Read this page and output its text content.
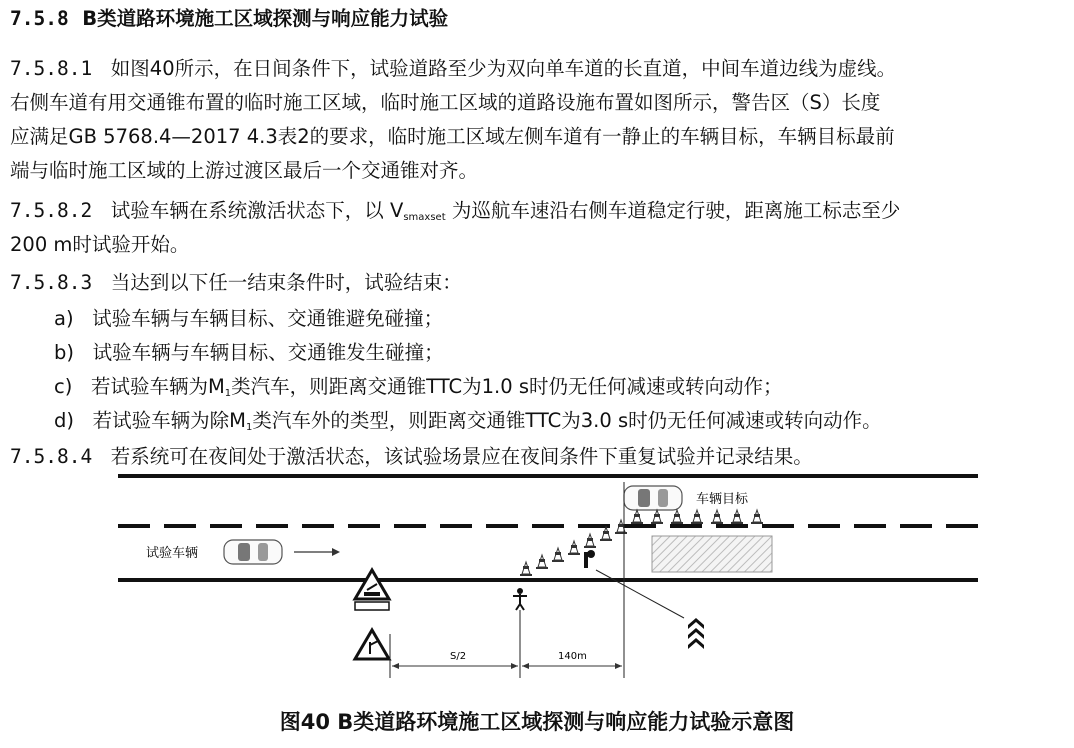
7.5.8 B类道路环境施工区域探测与响应能力试验
7.5.8.1 如图40所示，在日间条件下，试验道路至少为双向单车道的长直道，中间车道边线为虚线。
右侧车道有用交通锥布置的临时施工区域，临时施工区域的道路设施布置如图所示，警告区（S）长度
应满足GB 5768.4—2017 4.3表2的要求，临时施工区域左侧车道有一静止的车辆目标，车辆目标最前
端与临时施工区域的上游过渡区最后一个交通锥对齐。
7.5.8.2 试验车辆在系统激活状态下，以 $V_{smaxset}$ 为巡航车速沿右侧车道稳定行驶，距离施工标志至少
200 m时试验开始。
7.5.8.3 当达到以下任一结束条件时，试验结束：
a) 试验车辆与车辆目标、交通锥避免碰撞；
b) 试验车辆与车辆目标、交通锥发生碰撞；
c) 若试验车辆为$M_1$类汽车，则距离交通锥TTC为1.0 s时仍无任何减速或转向动作；
d) 若试验车辆为除$M_1$类汽车外的类型，则距离交通锥TTC为3.0 s时仍无任何减速或转向动作。
7.5.8.4 若系统可在夜间处于激活状态，该试验场景应在夜间条件下重复试验并记录结果。
试验车辆
车辆目标
S/2	140m
图40 B类道路环境施工区域探测与响应能力试验示意图
